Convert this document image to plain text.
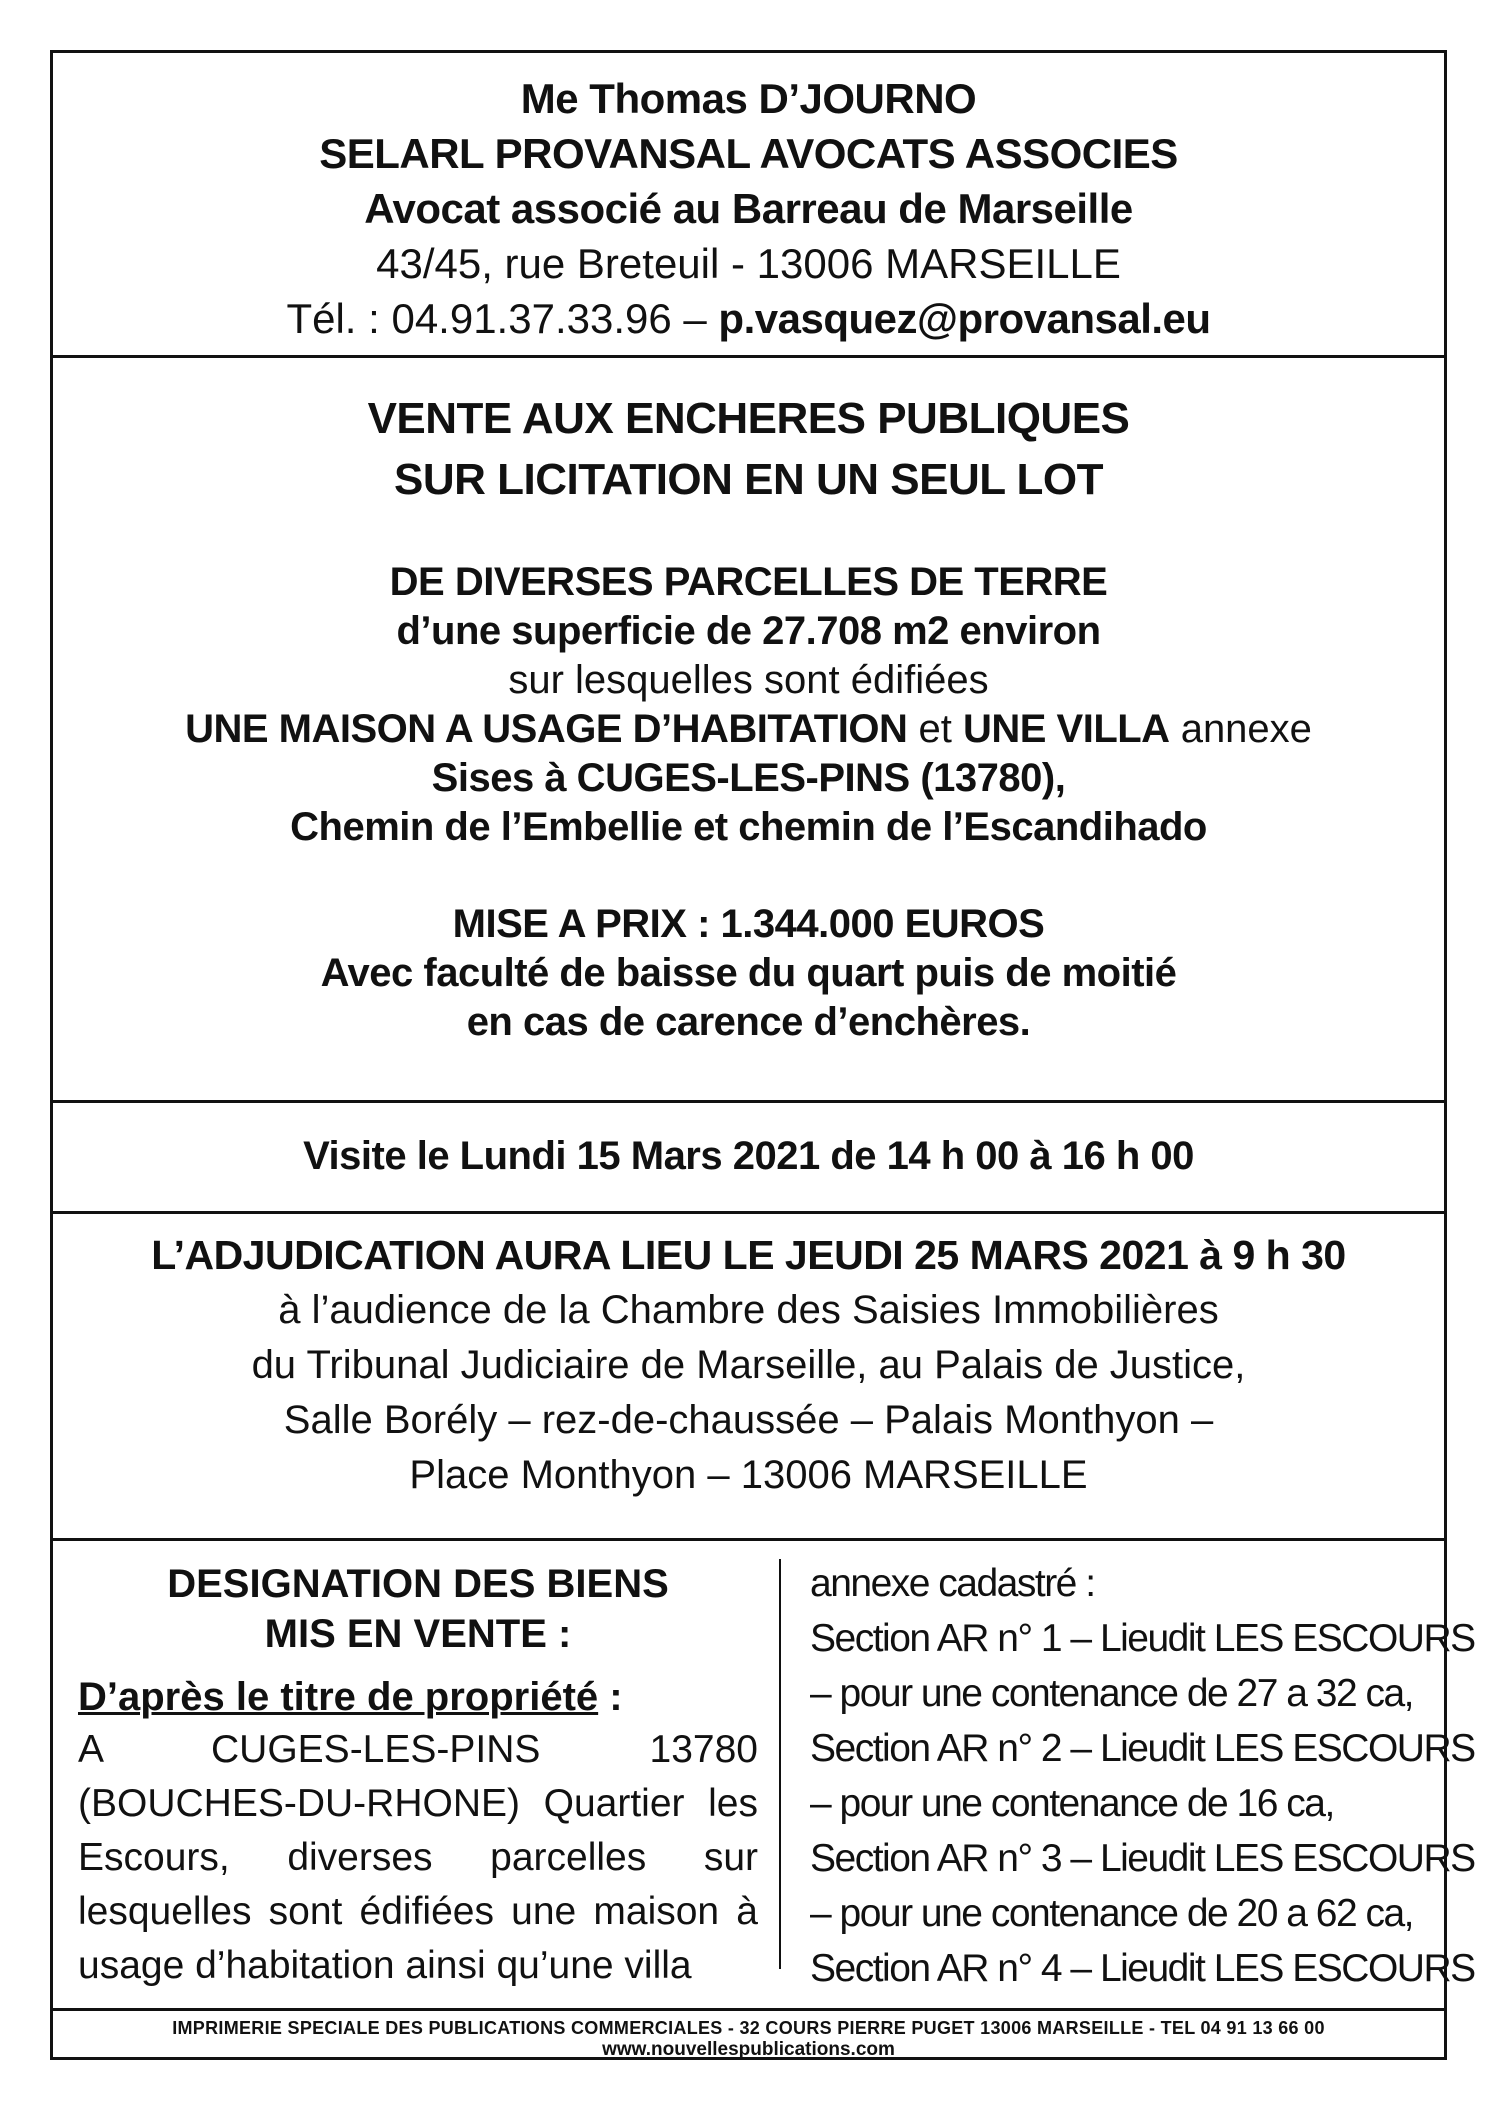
Me Thomas D’JOURNO
SELARL PROVANSAL AVOCATS ASSOCIES
Avocat associé au Barreau de Marseille
43/45, rue Breteuil - 13006 MARSEILLE
Tél. : 04.91.37.33.96 – p.vasquez@provansal.eu
VENTE AUX ENCHERES PUBLIQUES
SUR LICITATION EN UN SEUL LOT
DE DIVERSES PARCELLES DE TERRE
d’une superficie de 27.708 m2 environ
sur lesquelles sont édifiées
UNE MAISON A USAGE D’HABITATION et UNE VILLA annexe
Sises à CUGES-LES-PINS (13780),
Chemin de l’Embellie et chemin de l’Escandihado
MISE A PRIX : 1.344.000 EUROS
Avec faculté de baisse du quart puis de moitié
en cas de carence d’enchères.
Visite le Lundi 15 Mars 2021 de 14 h 00 à 16 h 00
L’ADJUDICATION AURA LIEU LE JEUDI 25 MARS 2021 à 9 h 30
à l’audience de la Chambre des Saisies Immobilières
du Tribunal Judiciaire de Marseille, au Palais de Justice,
Salle Borély – rez-de-chaussée – Palais Monthyon –
Place Monthyon – 13006 MARSEILLE
DESIGNATION DES BIENS
MIS EN VENTE :
D’après le titre de propriété :
A CUGES-LES-PINS 13780 (BOUCHES-DU-RHONE) Quartier les Escours, diverses parcelles sur lesquelles sont édifiées une maison à usage d’habitation ainsi qu’une villa
annexe cadastré :
Section AR n° 1 – Lieudit LES ESCOURS
– pour une contenance de 27 a 32 ca,
Section AR n° 2 – Lieudit LES ESCOURS
– pour une contenance de 16 ca,
Section AR n° 3 – Lieudit LES ESCOURS
– pour une contenance de 20 a 62 ca,
Section AR n° 4 – Lieudit LES ESCOURS
IMPRIMERIE SPECIALE DES PUBLICATIONS COMMERCIALES - 32 COURS PIERRE PUGET 13006 MARSEILLE - TEL 04 91 13 66 00
www.nouvellespublications.com
